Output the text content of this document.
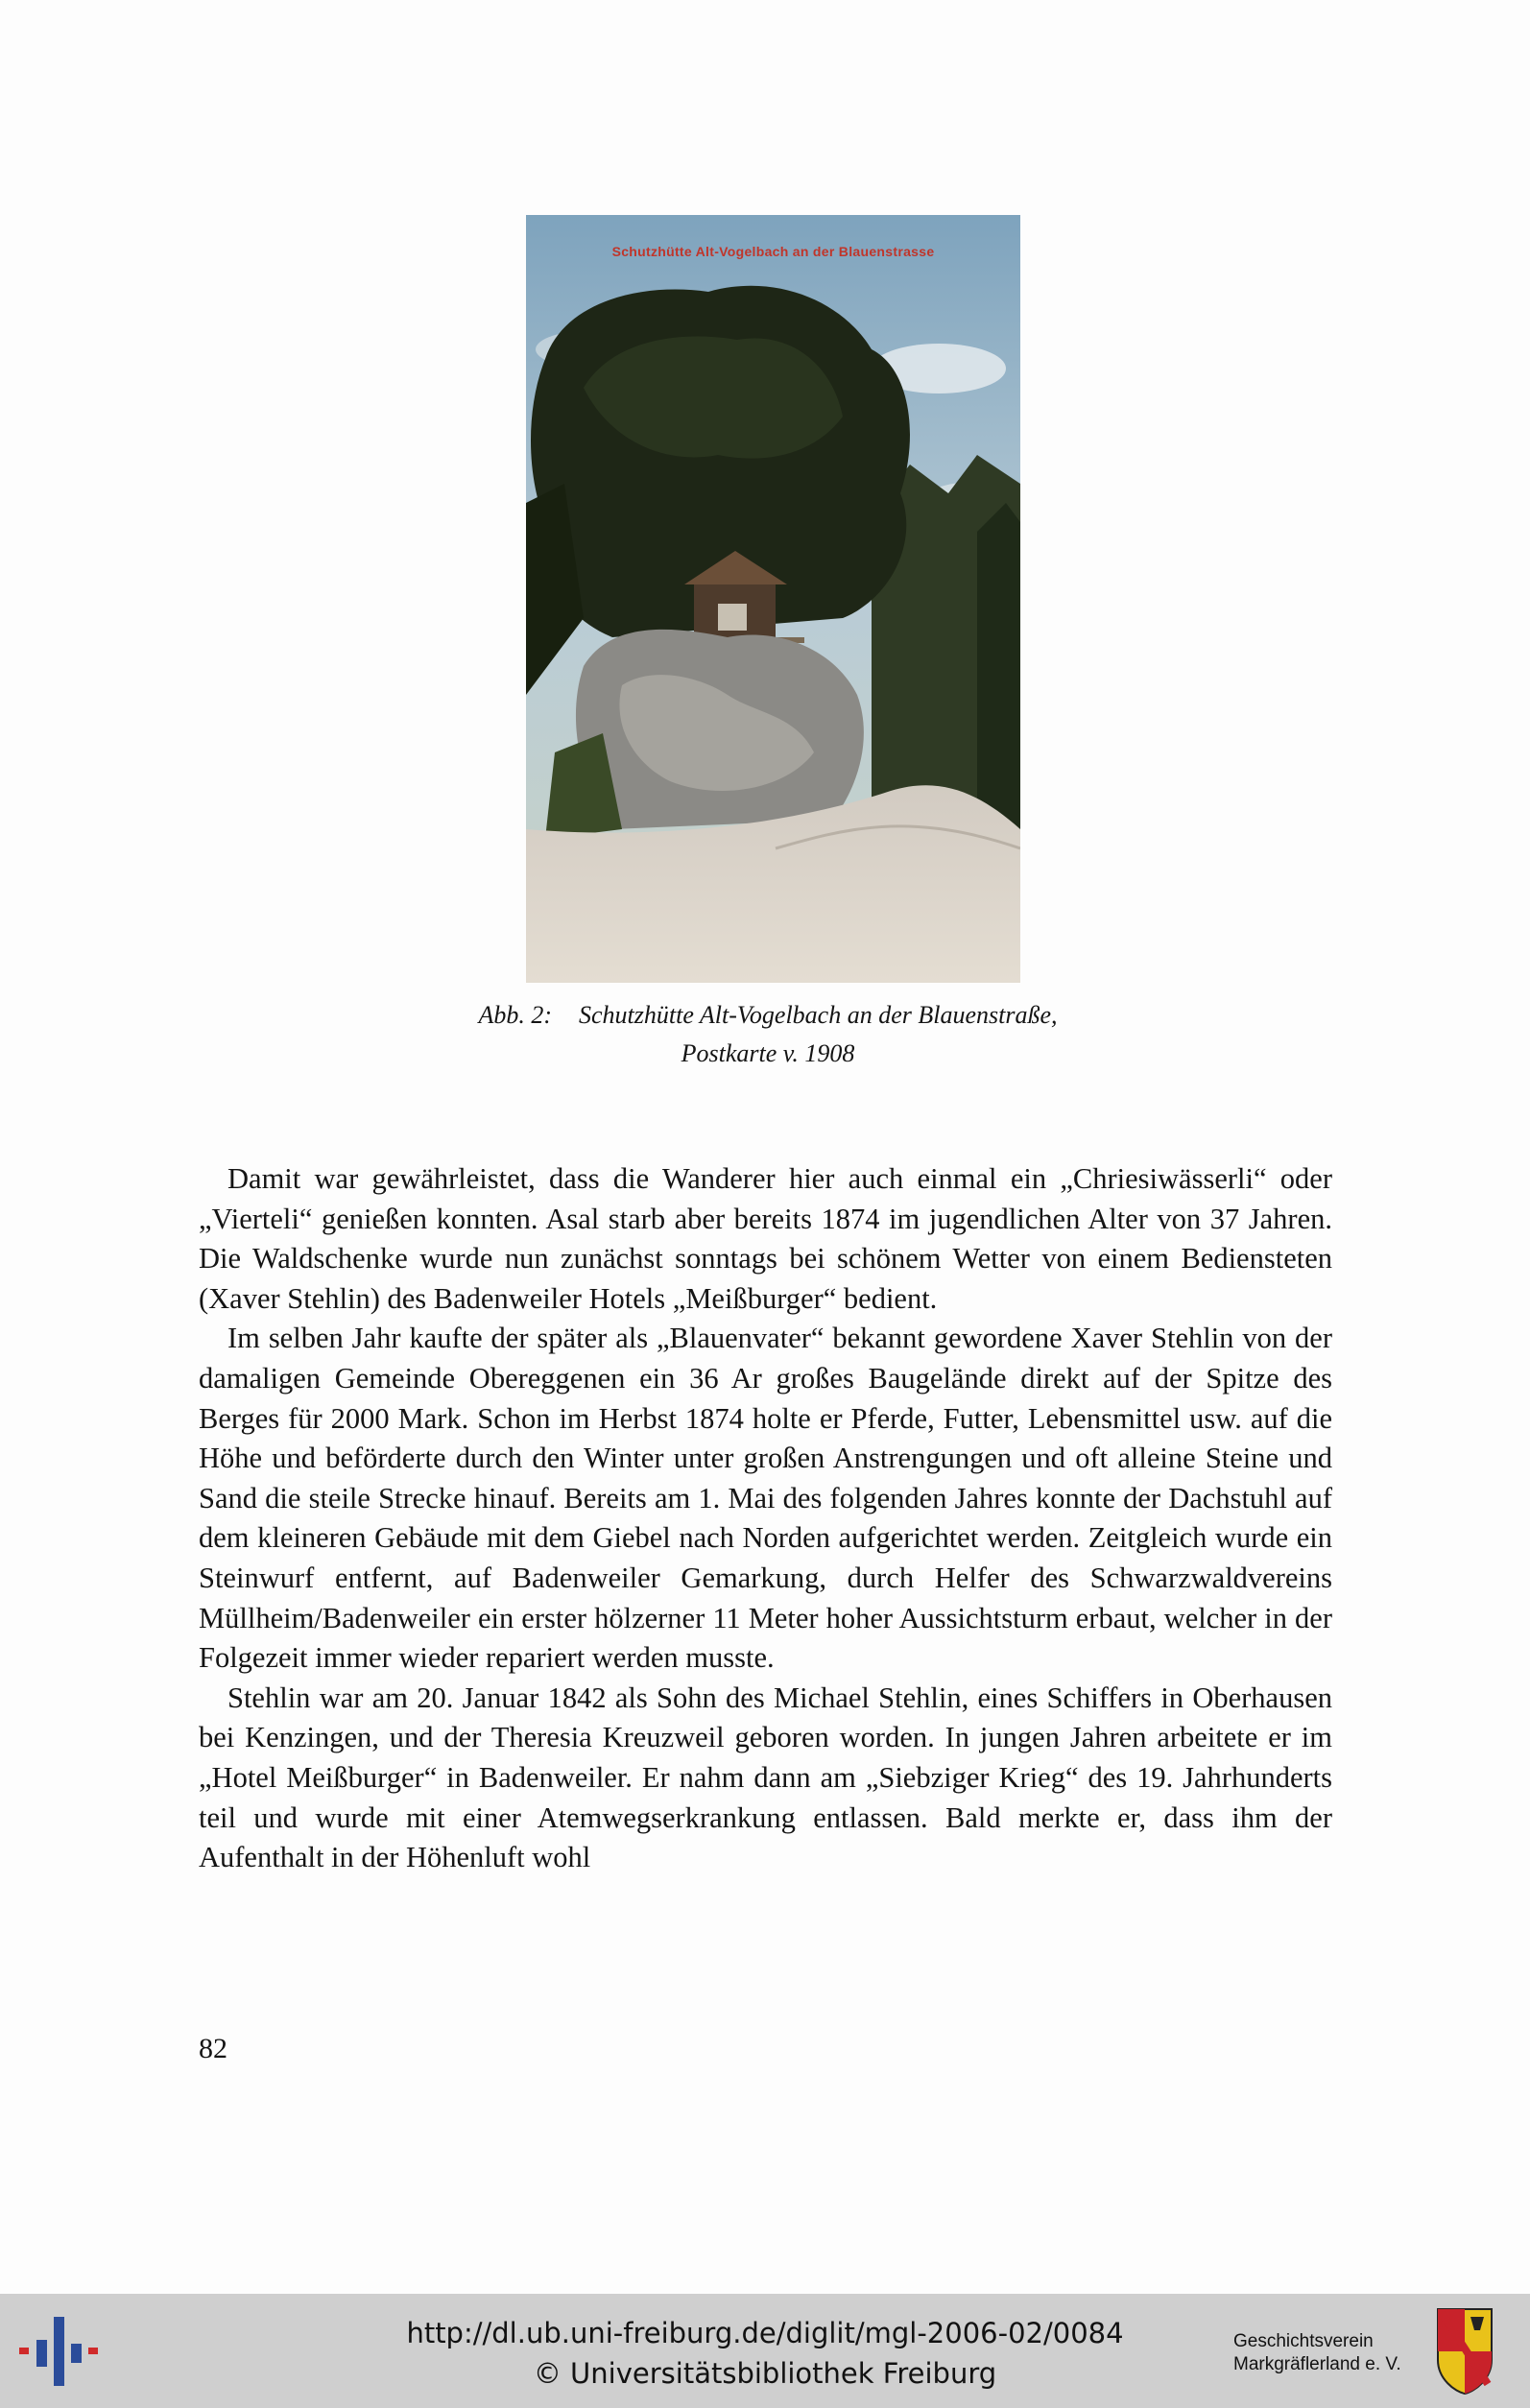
Schutzhütte Alt-Vogelbach an der Blauenstrasse
Abb. 2: Schutzhütte Alt-Vogelbach an der Blauenstraße,
Postkarte v. 1908

Damit war gewährleistet, dass die Wanderer hier auch einmal ein „Chriesiwässerli“ oder „Vierteli“ genießen konnten. Asal starb aber bereits 1874 im jugendlichen Alter von 37 Jahren. Die Waldschenke wurde nun zunächst sonntags bei schönem Wetter von einem Bediensteten (Xaver Stehlin) des Badenweiler Hotels „Meißburger“ bedient.

Im selben Jahr kaufte der später als „Blauenvater“ bekannt gewordene Xaver Stehlin von der damaligen Gemeinde Obereggenen ein 36 Ar großes Baugelände direkt auf der Spitze des Berges für 2000 Mark. Schon im Herbst 1874 holte er Pferde, Futter, Lebensmittel usw. auf die Höhe und beförderte durch den Winter unter großen Anstrengungen und oft alleine Steine und Sand die steile Strecke hinauf. Bereits am 1. Mai des folgenden Jahres konnte der Dachstuhl auf dem kleineren Gebäude mit dem Giebel nach Norden aufgerichtet werden. Zeitgleich wurde ein Steinwurf entfernt, auf Badenweiler Gemarkung, durch Helfer des Schwarzwaldvereins Müllheim/Badenweiler ein erster hölzerner 11 Meter hoher Aussichtsturm erbaut, welcher in der Folgezeit immer wieder repariert werden musste.

Stehlin war am 20. Januar 1842 als Sohn des Michael Stehlin, eines Schiffers in Oberhausen bei Kenzingen, und der Theresia Kreuzweil geboren worden. In jungen Jahren arbeitete er im „Hotel Meißburger“ in Badenweiler. Er nahm dann am „Siebziger Krieg“ des 19. Jahrhunderts teil und wurde mit einer Atemwegserkrankung entlassen. Bald merkte er, dass ihm der Aufenthalt in der Höhenluft wohl

82
http://dl.ub.uni-freiburg.de/diglit/mgl-2006-02/0084
© Universitätsbibliothek Freiburg
Geschichtsverein
Markgräflerland e. V.
